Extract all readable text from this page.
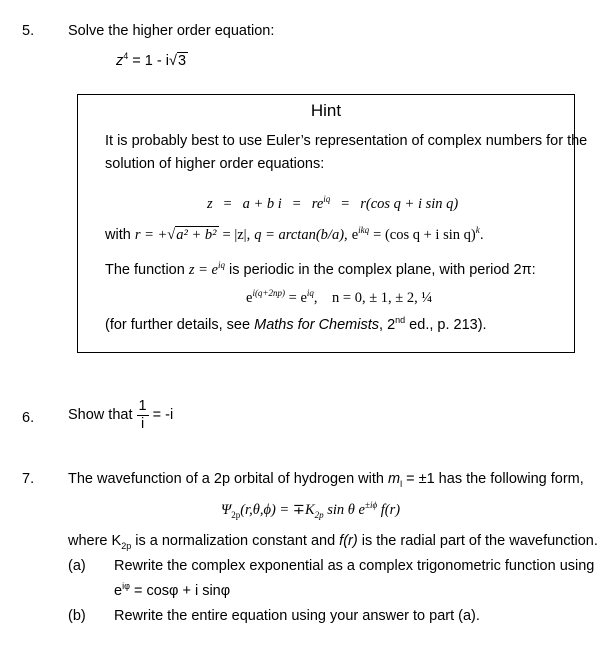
5. Solve the higher order equation:
$z^4 = 1 - i√3$
Hint
It is probably best to use Euler’s representation of complex numbers for the
solution of higher order equations:
z = a + b $i = re^{iq} = r(\cos$ q + i sin q)
with r = +√a² + b² = |z|, q = arctan(b/a), $e^{ikq} = (\cos$ q + i sin q)$^k$.
The function $z = e^{iq}$ is periodic in the complex plane, with period 2π:
$e^{i(q+2np)} = e^{iq}$,    n = 0, ± 1, ± 2, ¼
(for further details, see Maths for Chemists, 2nd ed., p. 213).
6. Show that $\frac{1}{i} = -i$
7. The wavefunction of a 2p orbital of hydrogen with $m_l = \pm 1$ has the following form,
$\Psi_{2p}(r,\theta,\phi) = \mp K_{2p}$ sin θ $e^{\pm i\phi}$ f(r)
where $K_{2p}$ is a normalization constant and f(r) is the radial part of the wavefunction.
(a) Rewrite the complex exponential as a complex trigonometric function using
$e^{i\varphi} = \cos\varphi + i$ sinφ
(b) Rewrite the entire equation using your answer to part (a).
